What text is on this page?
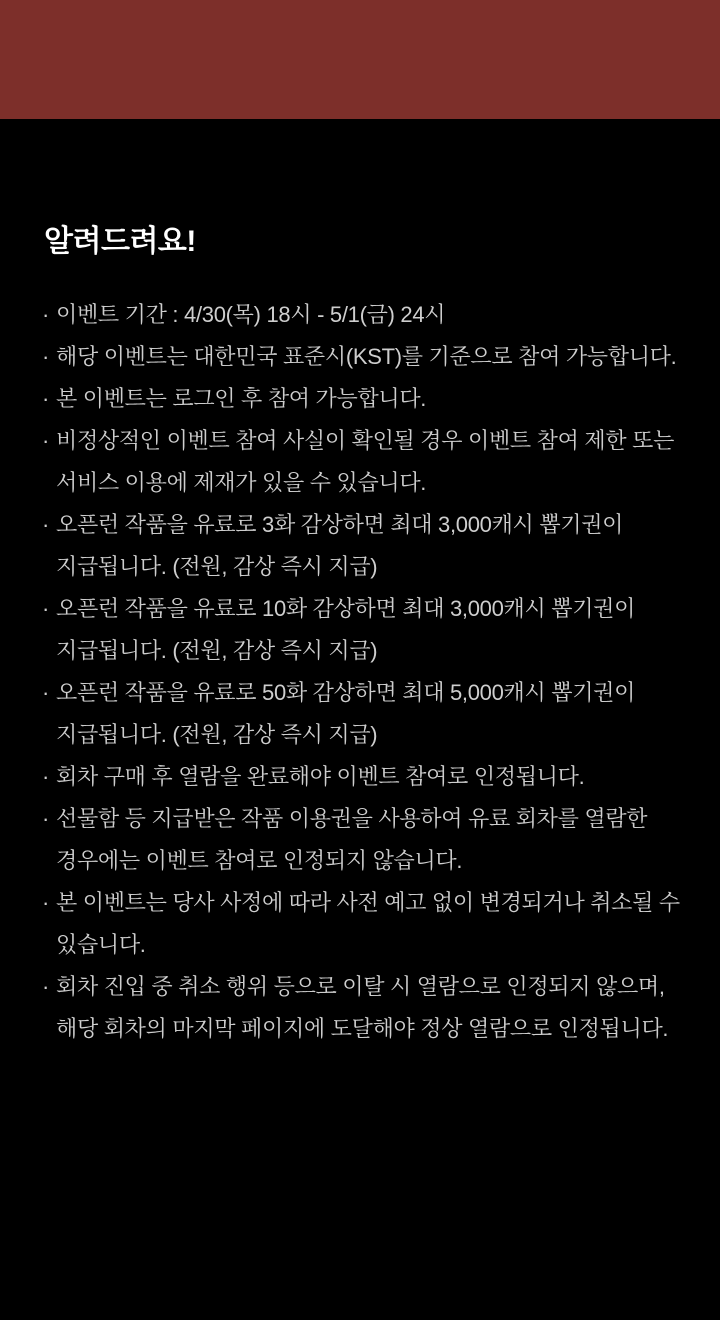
알려드려요!
· 이벤트 기간 : 4/30(목) 18시 - 5/1(금) 24시
· 해당 이벤트는 대한민국 표준시(KST)를 기준으로 참여 가능합니다.
· 본 이벤트는 로그인 후 참여 가능합니다.
· 비정상적인 이벤트 참여 사실이 확인될 경우 이벤트 참여 제한 또는
서비스 이용에 제재가 있을 수 있습니다.
· 오픈런 작품을 유료로 3화 감상하면 최대 3,000캐시 뽑기권이
지급됩니다. (전원, 감상 즉시 지급)
· 오픈런 작품을 유료로 10화 감상하면 최대 3,000캐시 뽑기권이
지급됩니다. (전원, 감상 즉시 지급)
· 오픈런 작품을 유료로 50화 감상하면 최대 5,000캐시 뽑기권이
지급됩니다. (전원, 감상 즉시 지급)
· 회차 구매 후 열람을 완료해야 이벤트 참여로 인정됩니다.
· 선물함 등 지급받은 작품 이용권을 사용하여 유료 회차를 열람한
경우에는 이벤트 참여로 인정되지 않습니다.
· 본 이벤트는 당사 사정에 따라 사전 예고 없이 변경되거나 취소될 수
있습니다.
· 회차 진입 중 취소 행위 등으로 이탈 시 열람으로 인정되지 않으며,
해당 회차의 마지막 페이지에 도달해야 정상 열람으로 인정됩니다.
